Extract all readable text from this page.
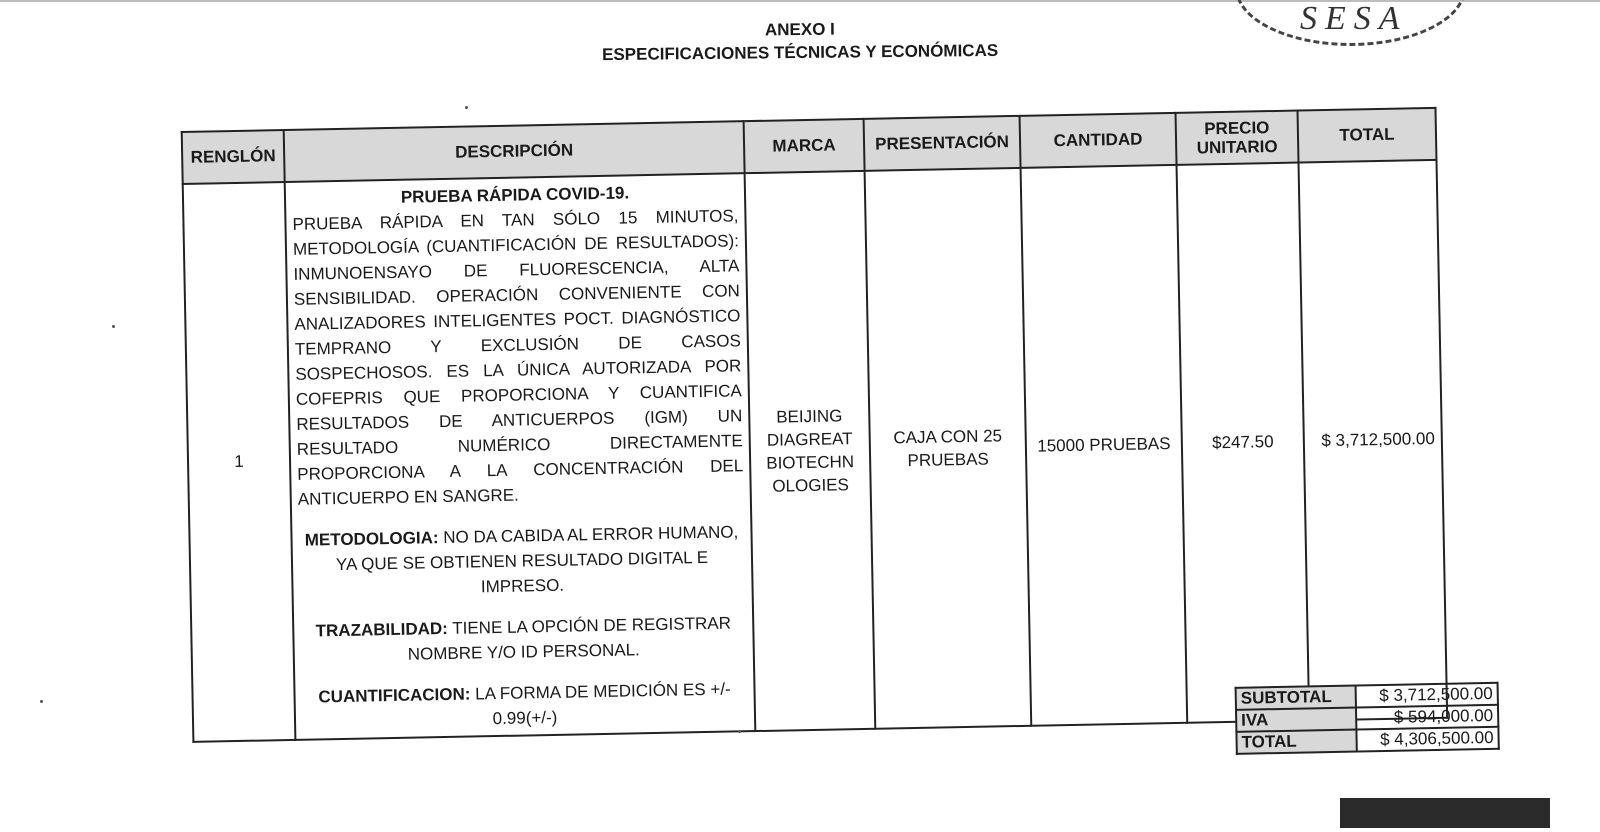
SESA
ANEXO I
ESPECIFICACIONES TÉCNICAS Y ECONÓMICAS
RENGLÓN	DESCRIPCIÓN	MARCA	PRESENTACIÓN	CANTIDAD	PRECIO UNITARIO	TOTAL
1	PRUEBA RÁPIDA COVID-19.
PRUEBA RÁPIDA EN TAN SÓLO 15 MINUTOS, METODOLOGÍA (CUANTIFICACIÓN DE RESULTADOS): INMUNOENSAYO DE FLUORESCENCIA, ALTA SENSIBILIDAD. OPERACIÓN CONVENIENTE CON ANALIZADORES INTELIGENTES POCT. DIAGNÓSTICO TEMPRANO Y EXCLUSIÓN DE CASOS SOSPECHOSOS. ES LA ÚNICA AUTORIZADA POR COFEPRIS QUE PROPORCIONA Y CUANTIFICA RESULTADOS DE ANTICUERPOS (IGM) UN RESULTADO NUMÉRICO DIRECTAMENTE PROPORCIONA A LA CONCENTRACIÓN DEL ANTICUERPO EN SANGRE.
METODOLOGIA: NO DA CABIDA AL ERROR HUMANO, YA QUE SE OBTIENEN RESULTADO DIGITAL E IMPRESO.
TRAZABILIDAD: TIENE LA OPCIÓN DE REGISTRAR NOMBRE Y/O ID PERSONAL.
CUANTIFICACION: LA FORMA DE MEDICIÓN ES +/- 0.99(+/-)	BEIJING DIAGREAT BIOTECHN OLOGIES	CAJA CON 25 PRUEBAS	15000 PRUEBAS	$247.50	$ 3,712,500.00
SUBTOTAL	$ 3,712,500.00
IVA	$ 594,000.00
TOTAL	$ 4,306,500.00
